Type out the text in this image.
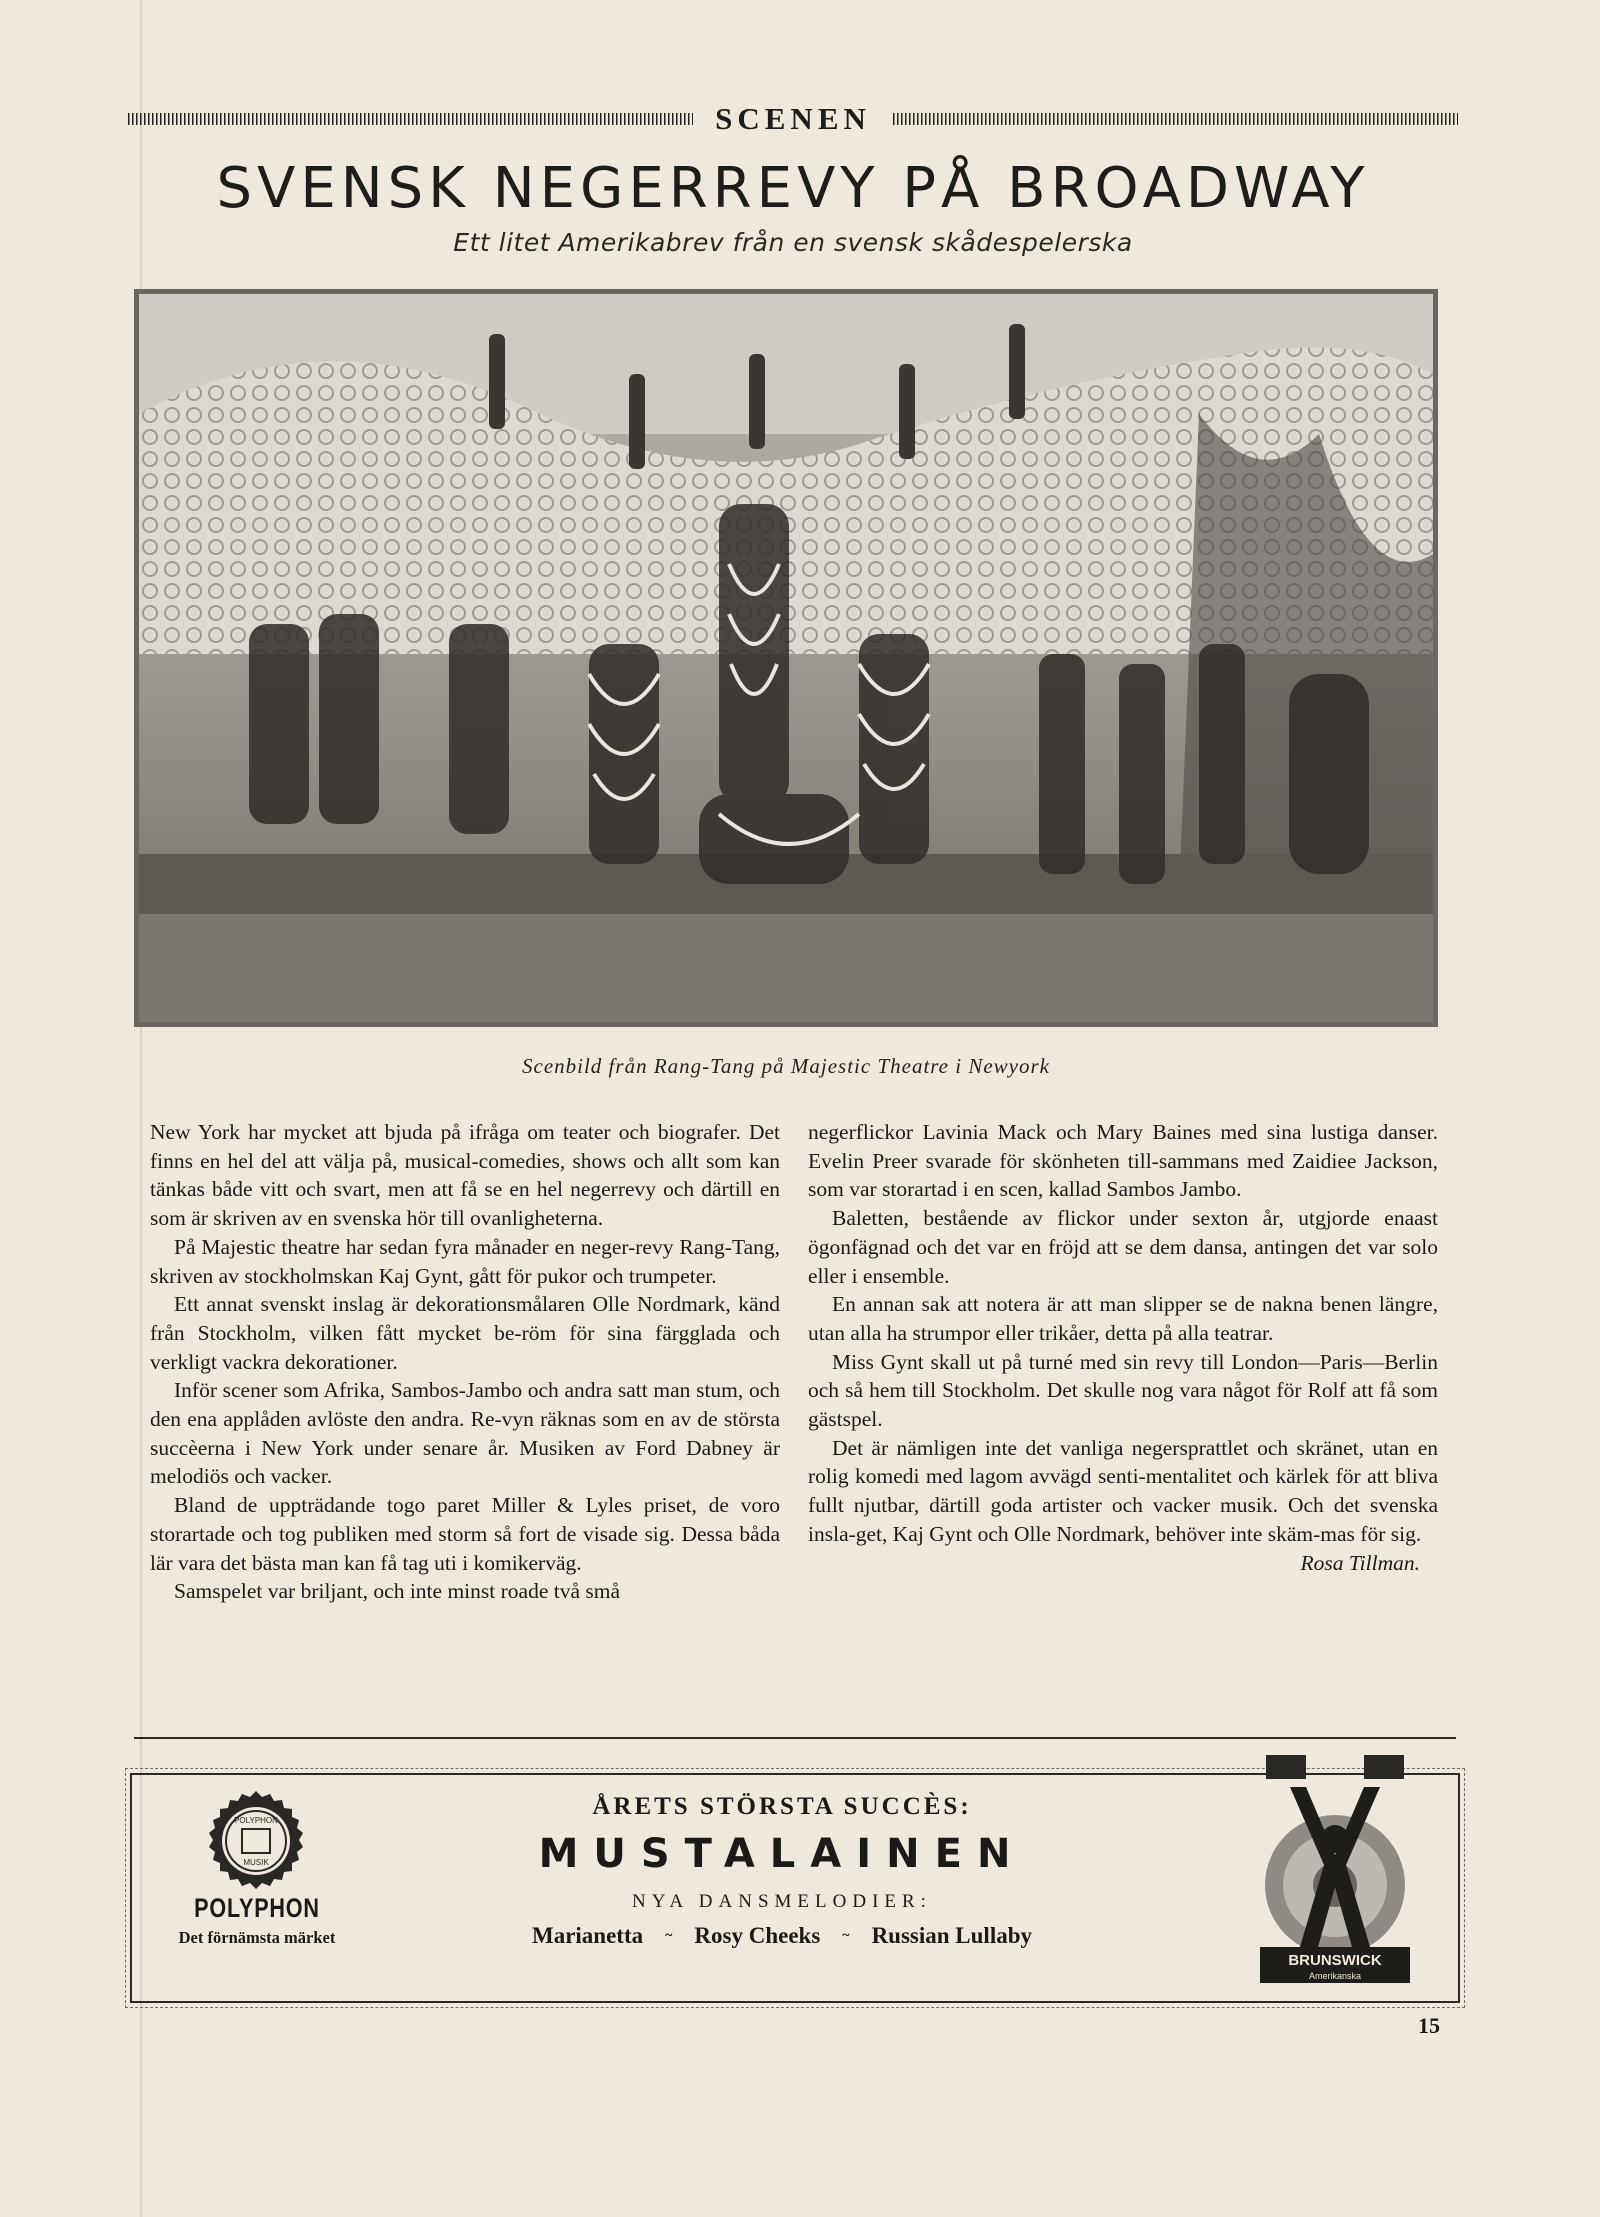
SCENEN
SVENSK NEGERREVY PÅ BROADWAY
Ett litet Amerikabrev från en svensk skådespelerska
Scenbild från Rang-Tang på Majestic Theatre i Newyork

New York har mycket att bjuda på ifråga om teater och biografer. Det finns en hel del att välja på, musical-comedies, shows och allt som kan tänkas både vitt och svart, men att få se en hel negerrevy och därtill en som är skriven av en svenska hör till ovanligheterna.

På Majestic theatre har sedan fyra månader en neger-revy Rang-Tang, skriven av stockholmskan Kaj Gynt, gått för pukor och trumpeter.

Ett annat svenskt inslag är dekorationsmålaren Olle Nordmark, känd från Stockholm, vilken fått mycket be-röm för sina färgglada och verkligt vackra dekorationer.

Inför scener som Afrika, Sambos-Jambo och andra satt man stum, och den ena applåden avlöste den andra. Re-vyn räknas som en av de största succèerna i New York under senare år. Musiken av Ford Dabney är melodiös och vacker.

Bland de uppträdande togo paret Miller & Lyles priset, de voro storartade och tog publiken med storm så fort de visade sig. Dessa båda lär vara det bästa man kan få tag uti i komikerväg.

Samspelet var briljant, och inte minst roade två små

negerflickor Lavinia Mack och Mary Baines med sina lustiga danser. Evelin Preer svarade för skönheten till-sammans med Zaidiee Jackson, som var storartad i en scen, kallad Sambos Jambo.

Baletten, bestående av flickor under sexton år, utgjorde enaast ögonfägnad och det var en fröjd att se dem dansa, antingen det var solo eller i ensemble.

En annan sak att notera är att man slipper se de nakna benen längre, utan alla ha strumpor eller trikåer, detta på alla teatrar.

Miss Gynt skall ut på turné med sin revy till London—Paris—Berlin och så hem till Stockholm. Det skulle nog vara något för Rolf att få som gästspel.

Det är nämligen inte det vanliga negersprattlet och skränet, utan en rolig komedi med lagom avvägd senti-mentalitet och kärlek för att bliva fullt njutbar, därtill goda artister och vacker musik. Och det svenska insla-get, Kaj Gynt och Olle Nordmark, behöver inte skäm-mas för sig.

Rosa Tillman.

POLYPHON
MUSIK
POLYPHON
Det förnämsta märket
ÅRETS STÖRSTA SUCCÈS:
MUSTALAINEN
NYA DANSMELODIER:
Marianetta ~ Rosy Cheeks ~ Russian Lullaby
BRUNSWICK
Amerikanska
15
